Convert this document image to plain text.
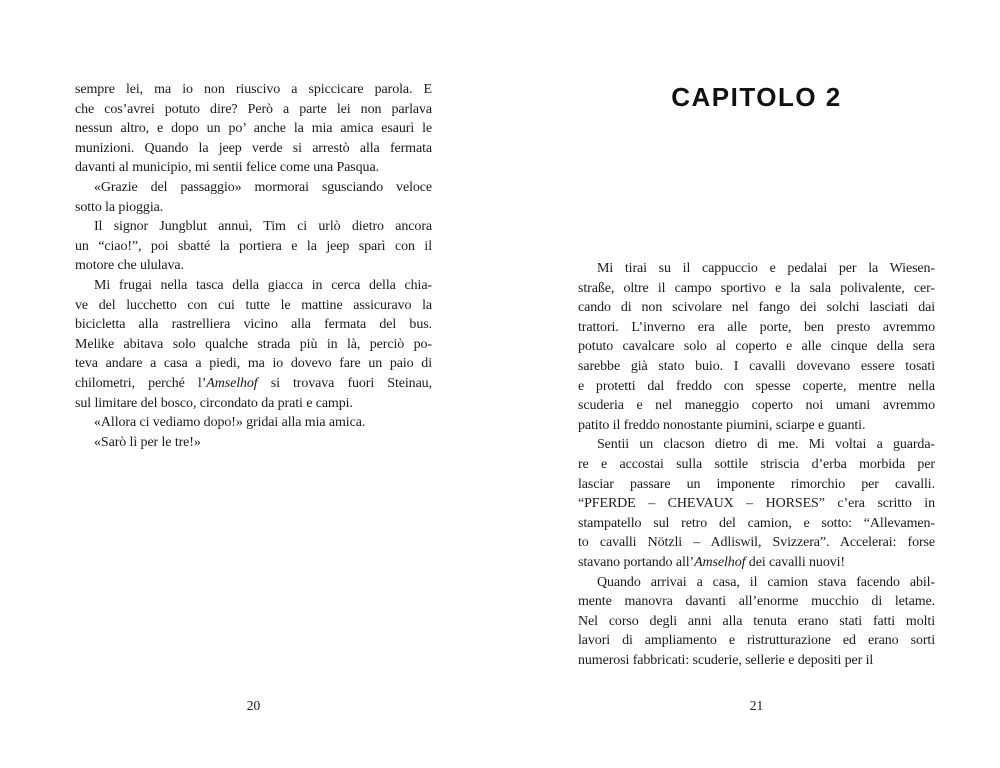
sempre lei, ma io non riuscivo a spiccicare parola. E
che cos’avrei potuto dire? Però a parte lei non parlava
nessun altro, e dopo un po’ anche la mia amica esaurì le
munizioni. Quando la jeep verde si arrestò alla fermata
davanti al municipio, mi sentii felice come una Pasqua.
«Grazie del passaggio» mormorai sgusciando veloce
sotto la pioggia.
Il signor Jungblut annuì, Tim ci urlò dietro ancora
un “ciao!”, poi sbatté la portiera e la jeep sparì con il
motore che ululava.
Mi frugai nella tasca della giacca in cerca della chia-
ve del lucchetto con cui tutte le mattine assicuravo la
bicicletta alla rastrelliera vicino alla fermata del bus.
Melike abitava solo qualche strada più in là, perciò po-
teva andare a casa a piedi, ma io dovevo fare un paio di
chilometri, perché l’Amselhof si trovava fuori Steinau,
sul limitare del bosco, circondato da prati e campi.
«Allora ci vediamo dopo!» gridai alla mia amica.
«Sarò lì per le tre!»
20
CAPITOLO 2
Mi tirai su il cappuccio e pedalai per la Wiesen-
straße, oltre il campo sportivo e la sala polivalente, cer-
cando di non scivolare nel fango dei solchi lasciati dai
trattori. L’inverno era alle porte, ben presto avremmo
potuto cavalcare solo al coperto e alle cinque della sera
sarebbe già stato buio. I cavalli dovevano essere tosati
e protetti dal freddo con spesse coperte, mentre nella
scuderia e nel maneggio coperto noi umani avremmo
patito il freddo nonostante piumini, sciarpe e guanti.
Sentii un clacson dietro di me. Mi voltai a guarda-
re e accostai sulla sottile striscia d’erba morbida per
lasciar passare un imponente rimorchio per cavalli.
“PFERDE – CHEVAUX – HORSES” c’era scritto in
stampatello sul retro del camion, e sotto: “Allevamen-
to cavalli Nötzli – Adliswil, Svizzera”. Accelerai: forse
stavano portando all’Amselhof dei cavalli nuovi!
Quando arrivai a casa, il camion stava facendo abil-
mente manovra davanti all’enorme mucchio di letame.
Nel corso degli anni alla tenuta erano stati fatti molti
lavori di ampliamento e ristrutturazione ed erano sorti
numerosi fabbricati: scuderie, sellerie e depositi per il
21
